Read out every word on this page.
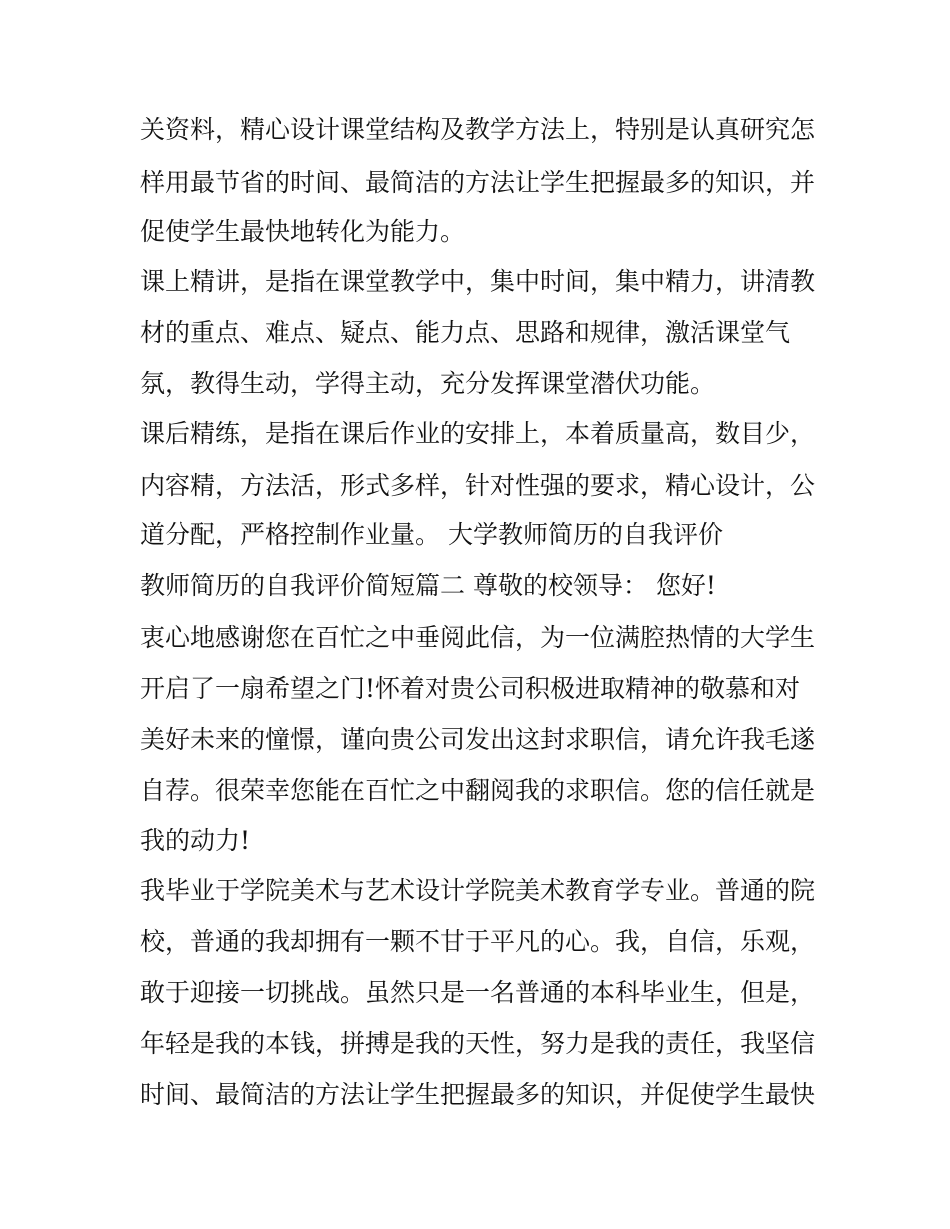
关资料，精心设计课堂结构及教学方法上，特别是认真研究怎
样用最节省的时间、最简洁的方法让学生把握最多的知识，并
促使学生最快地转化为能力。
课上精讲，是指在课堂教学中，集中时间，集中精力，讲清教
材的重点、难点、疑点、能力点、思路和规律，激活课堂气
氛，教得生动，学得主动，充分发挥课堂潜伏功能。
课后精练，是指在课后作业的安排上，本着质量高，数目少，
内容精，方法活，形式多样，针对性强的要求，精心设计，公
道分配，严格控制作业量。 大学教师简历的自我评价
教师简历的自我评价简短篇二 尊敬的校领导： 您好!
衷心地感谢您在百忙之中垂阅此信，为一位满腔热情的大学生
开启了一扇希望之门!怀着对贵公司积极进取精神的敬慕和对
美好未来的憧憬，谨向贵公司发出这封求职信，请允许我毛遂
自荐。很荣幸您能在百忙之中翻阅我的求职信。您的信任就是
我的动力!
我毕业于学院美术与艺术设计学院美术教育学专业。普通的院
校，普通的我却拥有一颗不甘于平凡的心。我，自信，乐观，
敢于迎接一切挑战。虽然只是一名普通的本科毕业生，但是，
年轻是我的本钱，拼搏是我的天性，努力是我的责任，我坚信
时间、最简洁的方法让学生把握最多的知识，并促使学生最快
